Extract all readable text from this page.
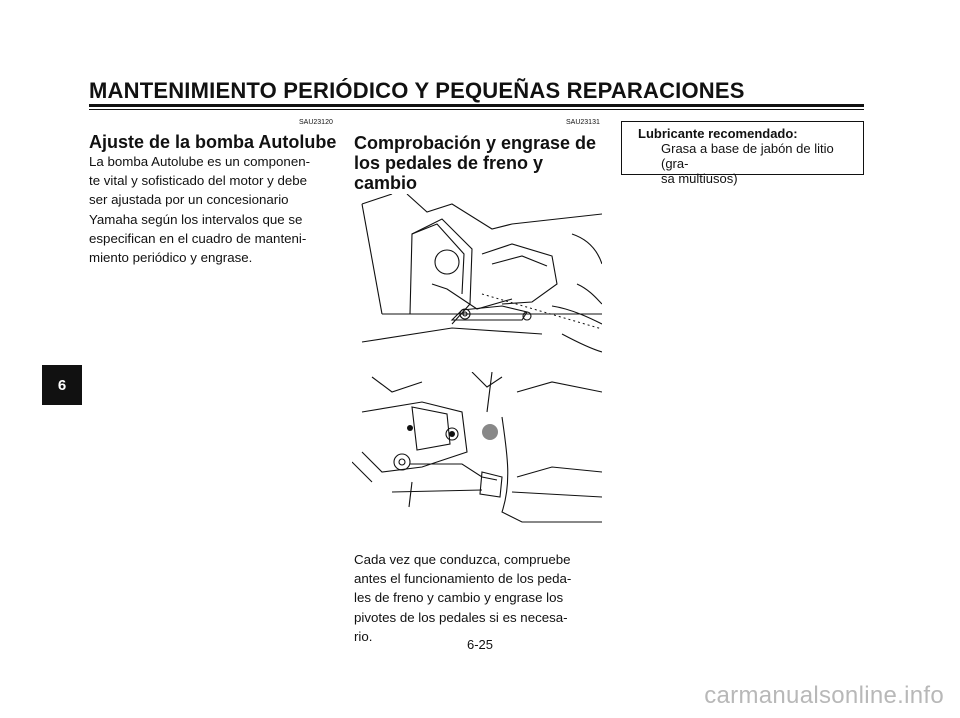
MANTENIMIENTO PERIÓDICO Y PEQUEÑAS REPARACIONES
6
SAU23120
Ajuste de la bomba Autolube
La bomba Autolube es un componen-
te vital y sofisticado del motor y debe
ser ajustada por un concesionario
Yamaha según los intervalos que se
especifican en el cuadro de manteni-
miento periódico y engrase.
SAU23131
Comprobación y engrase de
los pedales de freno y
cambio
Cada vez que conduzca, compruebe
antes el funcionamiento de los peda-
les de freno y cambio y engrase los
pivotes de los pedales si es necesa-
rio.
Lubricante recomendado:
Grasa a base de jabón de litio (gra-
sa multiusos)
6-25
carmanualsonline.info
